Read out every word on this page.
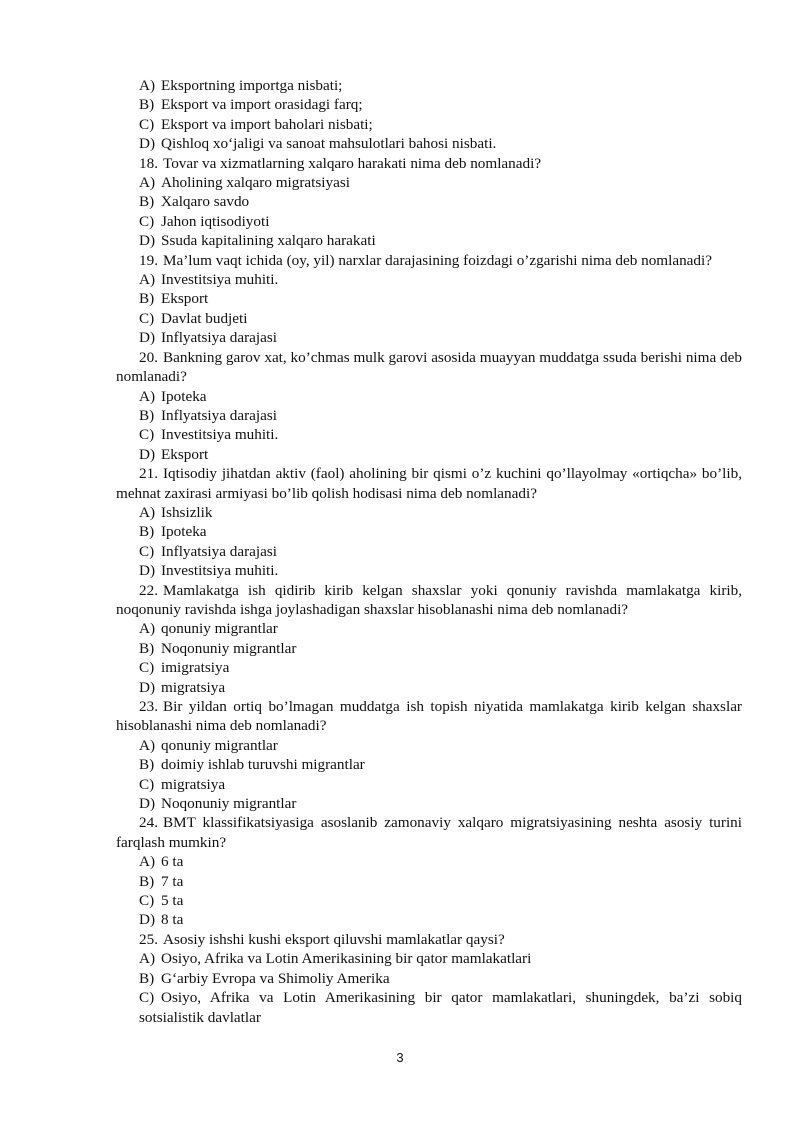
A) Eksportning importga nisbati;
B) Eksport va import orasidagi farq;
C) Eksport va import baholari nisbati;
D) Qishloq xo‘jaligi va sanoat mahsulotlari bahosi nisbati.
18. Tovar va xizmatlarning xalqaro harakati nima deb nomlanadi?
A) Aholining xalqaro migratsiyasi
B) Xalqaro savdo
C) Jahon iqtisodiyoti
D) Ssuda kapitalining xalqaro harakati
19. Ma’lum vaqt ichida (oy, yil) narxlar darajasining foizdagi o’zgarishi nima deb nomlanadi?
A) Investitsiya muhiti.
B) Eksport
C) Davlat budjeti
D) Inflyatsiya darajasi
20. Bankning garov xat, ko’chmas mulk garovi asosida muayyan muddatga ssuda berishi nima deb nomlanadi?
A) Ipoteka
B) Inflyatsiya darajasi
C) Investitsiya muhiti.
D) Eksport
21. Iqtisodiy jihatdan aktiv (faol) aholining bir qismi o’z kuchini qo’llayolmay «ortiqcha» bo’lib, mehnat zaxirasi armiyasi bo’lib qolish hodisasi nima deb nomlanadi?
A) Ishsizlik
B) Ipoteka
C) Inflyatsiya darajasi
D) Investitsiya muhiti.
22. Mamlakatga ish qidirib kirib kelgan shaxslar yoki qonuniy ravishda mamlakatga kirib, noqonuniy ravishda ishga joylashadigan shaxslar hisoblanashi nima deb nomlanadi?
A) qonuniy migrantlar
B) Noqonuniy migrantlar
C) imigratsiya
D) migratsiya
23. Bir yildan ortiq bo’lmagan muddatga ish topish niyatida mamlakatga kirib kelgan shaxslar hisoblanashi nima deb nomlanadi?
A) qonuniy migrantlar
B) doimiy ishlab turuvshi migrantlar
C) migratsiya
D) Noqonuniy migrantlar
24. BMT klassifikatsiyasiga asoslanib zamonaviy xalqaro migratsiyasining neshta asosiy turini farqlash mumkin?
A) 6 ta
B) 7 ta
C) 5 ta
D) 8 ta
25. Asosiy ishshi kushi eksport qiluvshi mamlakatlar qaysi?
A) Osiyo, Afrika va Lotin Amerikasining bir qator mamlakatlari
B) G‘arbiy Evropa va Shimoliy Amerika
C) Osiyo, Afrika va Lotin Amerikasining bir qator mamlakatlari, shuningdek, ba’zi sobiq sotsialistik davlatlar
3
